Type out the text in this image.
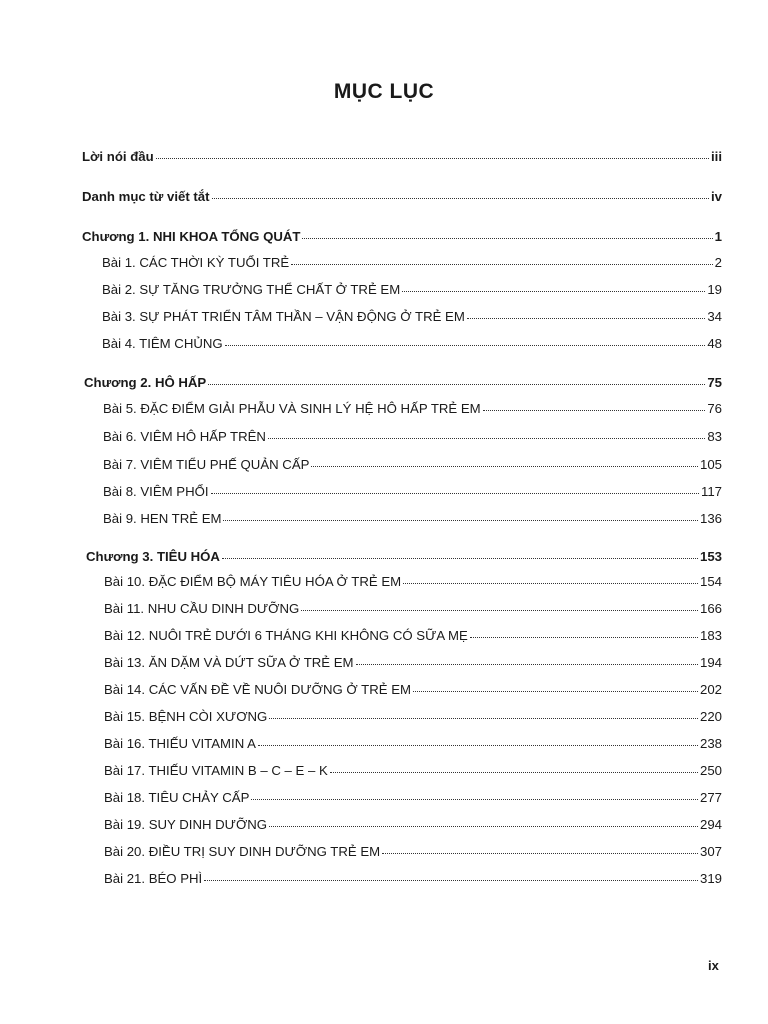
MỤC LỤC
Lời nói đầu	iii
Danh mục từ viết tắt	iv
Chương 1. NHI KHOA TỔNG QUÁT	1
Bài 1. CÁC THỜI KỲ TUỔI TRẺ	2
Bài 2. SỰ TĂNG TRƯỞNG THỂ CHẤT Ở TRẺ EM	19
Bài 3. SỰ PHÁT TRIỂN TÂM THẦN – VẬN ĐỘNG Ở TRẺ EM	34
Bài 4. TIÊM CHỦNG	48
Chương 2. HÔ HẤP	75
Bài 5. ĐẶC ĐIỂM GIẢI PHẪU VÀ SINH LÝ HỆ HÔ HẤP TRẺ EM	76
Bài 6. VIÊM HÔ HẤP TRÊN	83
Bài 7. VIÊM TIỂU PHẾ QUẢN CẤP	105
Bài 8. VIÊM PHỔI	117
Bài 9. HEN TRẺ EM	136
Chương 3. TIÊU HÓA	153
Bài 10. ĐẶC ĐIỂM BỘ MÁY TIÊU HÓA Ở TRẺ EM	154
Bài 11. NHU CẦU DINH DƯỠNG	166
Bài 12. NUÔI TRẺ DƯỚI 6 THÁNG KHI KHÔNG CÓ SỮA MẸ	183
Bài 13. ĂN DẶM VÀ DỨT SỮA Ở TRẺ EM	194
Bài 14. CÁC VẤN ĐỀ VỀ NUÔI DƯỠNG Ở TRẺ EM	202
Bài 15. BỆNH CÒI XƯƠNG	220
Bài 16. THIẾU VITAMIN A	238
Bài 17. THIẾU VITAMIN B – C – E – K	250
Bài 18. TIÊU CHẢY CẤP	277
Bài 19. SUY DINH DƯỠNG	294
Bài 20. ĐIỀU TRỊ SUY DINH DƯỠNG TRẺ EM	307
Bài 21. BÉO PHÌ	319
ix
